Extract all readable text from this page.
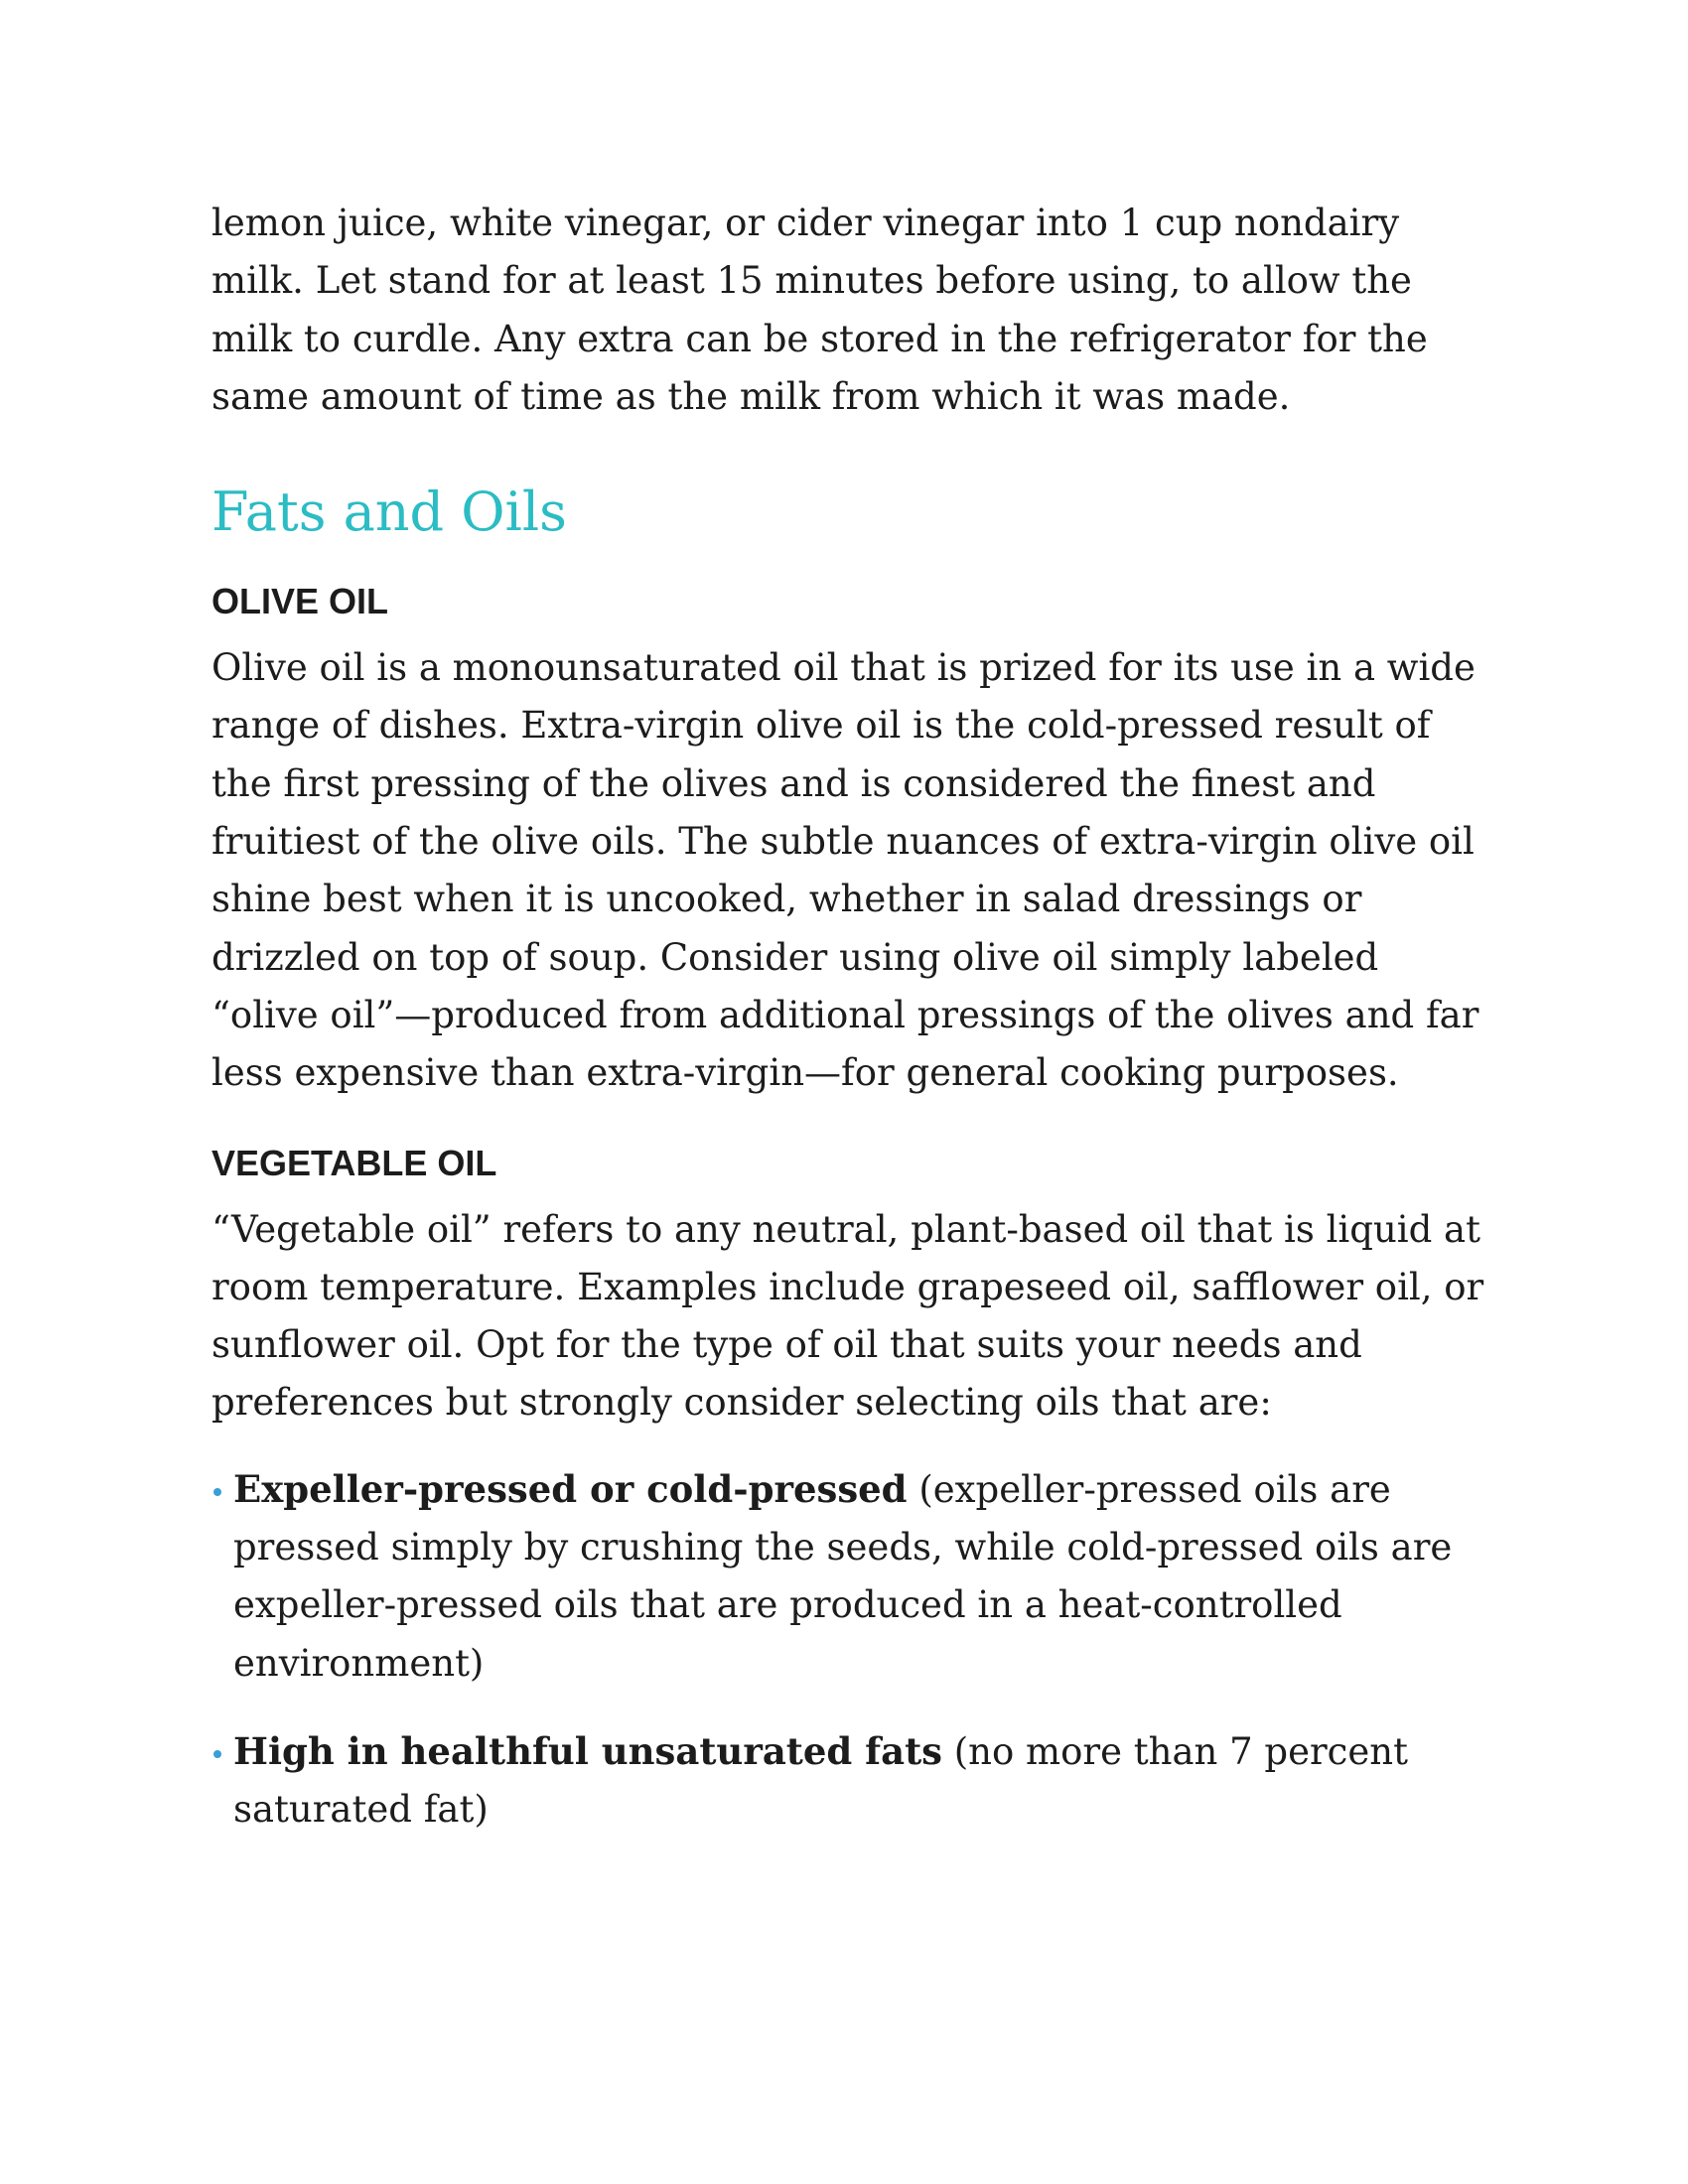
lemon juice, white vinegar, or cider vinegar into 1 cup nondairy milk. Let stand for at least 15 minutes before using, to allow the milk to curdle. Any extra can be stored in the refrigerator for the same amount of time as the milk from which it was made.

Fats and Oils
OLIVE OIL

Olive oil is a monounsaturated oil that is prized for its use in a wide range of dishes. Extra-virgin olive oil is the cold-pressed result of the first pressing of the olives and is considered the finest and fruitiest of the olive oils. The subtle nuances of extra-virgin olive oil shine best when it is uncooked, whether in salad dressings or drizzled on top of soup. Consider using olive oil simply labeled “olive oil”—produced from additional pressings of the olives and far less expensive than extra-virgin—for general cooking purposes.

VEGETABLE OIL

“Vegetable oil” refers to any neutral, plant-based oil that is liquid at room temperature. Examples include grapeseed oil, safflower oil, or sunflower oil. Opt for the type of oil that suits your needs and preferences but strongly consider selecting oils that are:

Expeller-pressed or cold-pressed (expeller-pressed oils are pressed simply by crushing the seeds, while cold-pressed oils are expeller-pressed oils that are produced in a heat-controlled environment)
High in healthful unsaturated fats (no more than 7 percent saturated fat)
